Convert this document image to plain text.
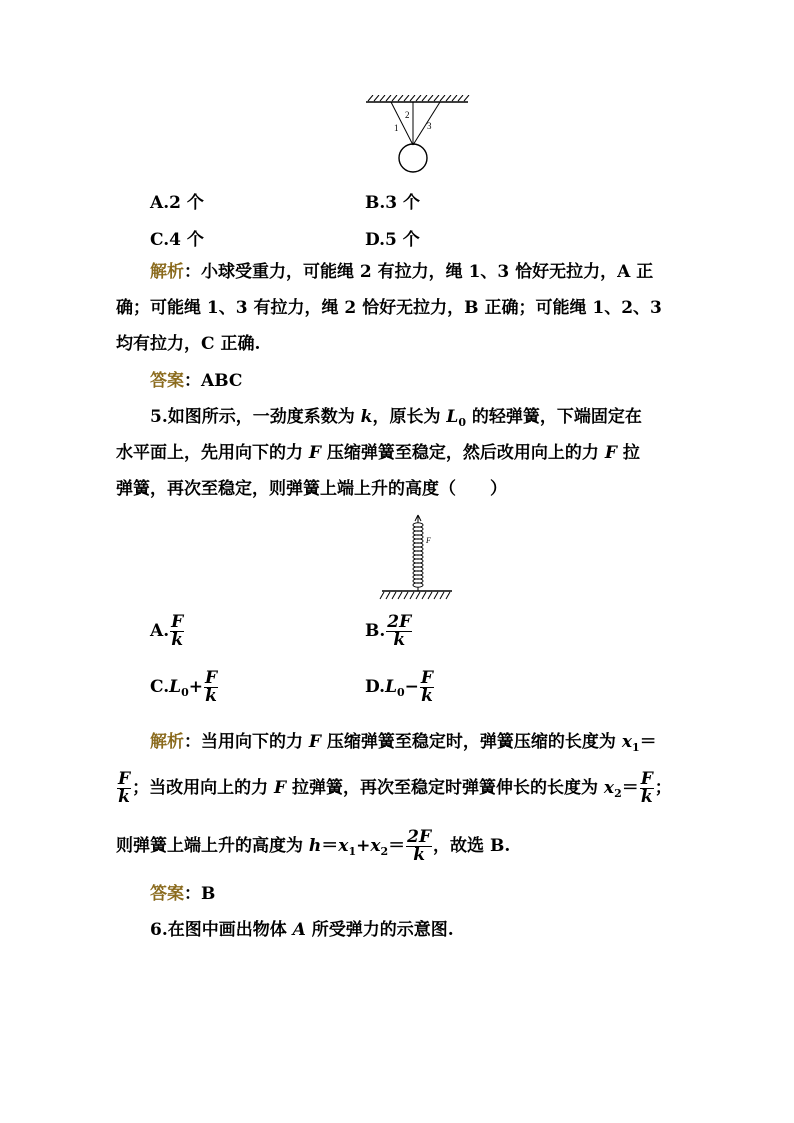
1
2
3
A.2 个	B.3 个
C.4 个	D.5 个
解析：小球受重力，可能绳 2 有拉力，绳 1、3 恰好无拉力，A 正
确；可能绳 1、3 有拉力，绳 2 恰好无拉力，B 正确；可能绳 1、2、3
均有拉力，C 正确.
答案：ABC
5.如图所示，一劲度系数为 k，原长为 $L_0$ 的轻弹簧，下端固定在
水平面上，先用向下的力 F 压缩弹簧至稳定，然后改用向上的力 F 拉
弹簧，再次至稳定，则弹簧上端上升的高度（　　）
F
A. $\frac{F}{k}$	B. $\frac{2F}{k}$
$C.L_0+ \frac{F}{k}$	$D.L_0- \frac{F}{k}$
解析：当用向下的力 F 压缩弹簧至稳定时，弹簧压缩的长度为 $x_1=$
$\frac{F}{k}$ ；当改用向上的力 F 拉弹簧，再次至稳定时弹簧伸长的长度为 $x_2= \frac{F}{k}$ ；
则弹簧上端上升的高度为 $h=x_1+x_2= \frac{2F}{k}$ ，故选 B.
答案：B
6.在图中画出物体 A 所受弹力的示意图.
